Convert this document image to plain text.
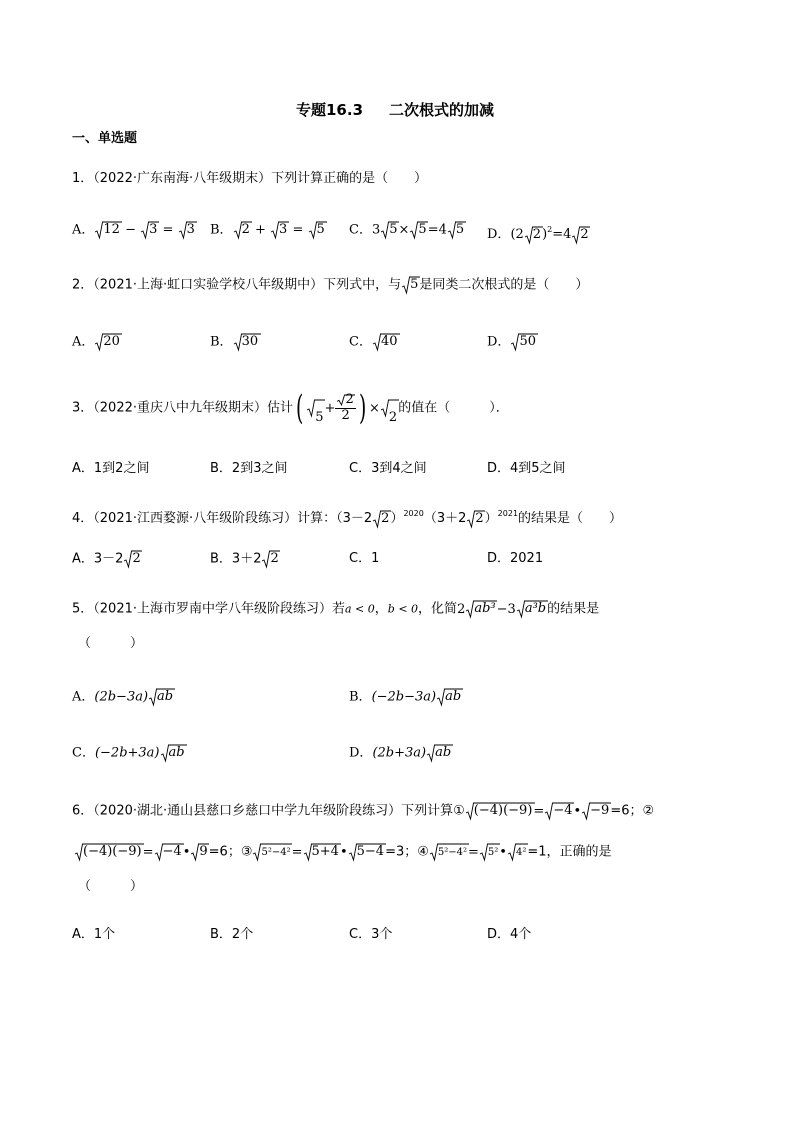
专题16.3 二次根式的加减
一、单选题
1．（2022·广东南海·八年级期末）下列计算正确的是（　　）
A． 12 − 3 = 3 B． 2 + 3 = 5 C．3 5× 5=4 5 D．(2 2)$^2$=4 2
2．（2021·上海·虹口实验学校八年级期中）下列式中，与 5是同类二次根式的是（　　）
A． 20	B． 30	C． 40	D． 50
3．（2022·重庆八中九年级期末）估计( $5+ \frac{2}{2}$ ) ×
2的值在（　　　）．
A．1到2之间	B．2到3之间	C．3到4之间	D．4到5之间
4．（2021·江西婺源·八年级阶段练习）计算：（3－2 2）$^{2020}$（3＋2 2）$^{2021}$的结果是（　　）
A．3－2 2	B．3＋2 2	C．1	D．2021
5．（2021·上海市罗南中学八年级阶段练习）若a < 0，b < 0，化简2 ab³−3 a³b的结果是
（　　　）
A．(2b−3a) ab	B．(−2b−3a) ab
C．(−2b+3a) ab	D．(2b+3a) ab
6．（2020·湖北·通山县慈口乡慈口中学九年级阶段练习）下列计算① (−4)(−9)= −4• −9=6；②
(−4)(−9)= −4• 9=6；③ 5²−4²= 5+4• 5−4=3；④ 5²−4²= 5²• 4²=1，正确的是
（　　　）
A．1个	B．2个	C．3个	D．4个
